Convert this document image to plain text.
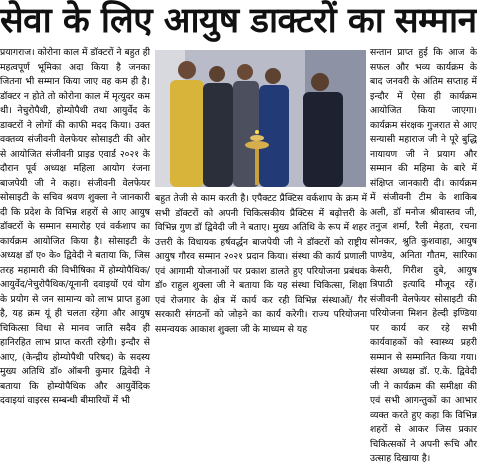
सेवा के लिए आयुष डाक्टरों का सम्मान

प्रयागराज। कोरोना काल में डॉक्टरों ने बहुत ही महत्वपूर्ण भूमिका अदा किया है जनका जितना भी सम्मान किया जाए वह कम ही है। डॉक्टर न होते तो कोरोना काल में मृत्युदर कम थी। नेचुरोपैथी, होम्योपैथी तथा आयुर्वेद के डाक्टरों ने लोगों की काफी मदद किया। उक्त वक्तव्य संजीवनी वेलफेयर सोसाइटी की ओर से आयोजित संजीवनी प्राइड एवार्ड २०२१ के दौरान पूर्व अध्यक्ष महिला आयोग रंजना बाजपेयी जी ने कहा। संजीवनी वेलफेयर सोसाइटी के सचिव श्रवण शुक्ला ने जानकारी दी कि प्रदेश के विभिन्न शहरों से आए आयुष डॉक्टरों के सम्मान समारोह एवं वर्कशाप का कार्यक्रम आयोजित किया है। सोसाइटी के अध्यक्ष डॉ ए० के० द्विवेदी ने बताया कि, जिस तरह महामारी की विभीषिका में होम्योपैथिक/आयुर्वेद/नेचुरोपैथिक/यूनानी दवाइयों एवं योग के प्रयोग से जन सामान्य को लाभ प्राप्त हुआ है, यह क्रम यूं ही चलता रहेगा और आयुष चिकित्सा विधा से मानव जाति सदैव ही हानिरहित लाभ प्राप्त करती रहेगी। इन्दौर से आए, (केन्द्रीय होम्योपैथी परिषद) के सदस्य मुख्य अतिथि डॉ० ऑबनी कुमार द्विवेदी ने बताया कि होम्योपैथिक और आयुर्वेदिक दवाइयां वाइरस सम्बन्धी बीमारियों में भी

बहुत तेजी से काम करती है। एपैक्टट प्रैक्टिस वर्कशाप के क्रम में सभी डॉक्टरों को अपनी चिकित्सकीय प्रैक्टिस में बढ़ोत्तरी के विभिन्न गुण डॉ द्विवेदी जी ने बताए। मुख्य अतिथि के रूप में शहर उत्तरी के विधायक हर्षवर्द्धन बाजपेयी जी ने डॉक्टरों को राष्ट्रीय आयुष गौरव सम्मान २०२१ प्रदान किया। संस्था की कार्य प्रणाली एवं आगामी योजनाओं पर प्रकाश डालते हुए परियोजना प्रबंधक डॉ० राहुल शुक्ला जी ने बताया कि यह संस्था चिकित्सा, शिक्षा एवं रोजगार के क्षेत्र में कार्य कर रही विभिन्न संस्थाओं/ गैर सरकारी संगठनों को जोड़ने का कार्य करेगी। राज्य परियोजना समन्वयक आकाश शुक्ला जी के माध्यम से यह

सन्तान प्राप्त हुई कि आज के सफल और भव्य कार्यक्रम के बाद जनवरी के अंतिम सप्ताह में इन्दौर में ऐसा ही कार्यक्रम आयोजित किया जाएगा। कार्यक्रम संरक्षक गुजरात से आए सन्यासी महाराज जी ने पूरे बुद्धि नायायण जी ने प्रयाग और सम्मान की महिमा के बारे में संक्षिप्त जानकारी दी। कार्यक्रम में संजीवनी टीम के शाकिब अली, डॉ मनोज श्रीवास्तव जी, तनुज शर्मा, रैली मेहता, रचना सोनकर, श्रुति कुशवाहा, आयुष पाण्डेय, अनिता गौतम, सारिका केसरी, गिरीश दुबे, आयुष त्रिपाठी इत्यादि मौजूद रहें। संजीवनी वेलफेयर सोसाइटी की परियोजना मिशन हेल्दी इण्डिया पर कार्य कर रहे सभी कार्यवाहकों को स्वास्थ्य प्रहरी सम्मान से सम्मानित किया गया। संस्था अध्यक्ष डॉ. ए.के. द्विवेदी जी ने कार्यक्रम की समीक्षा की एवं सभी आगन्तुकों का आभार व्यक्त करते हुए कहा कि विभिन्न शहरों से आकर जिस प्रकार चिकित्सकों ने अपनी रूचि और उत्साह दिखाया है।
